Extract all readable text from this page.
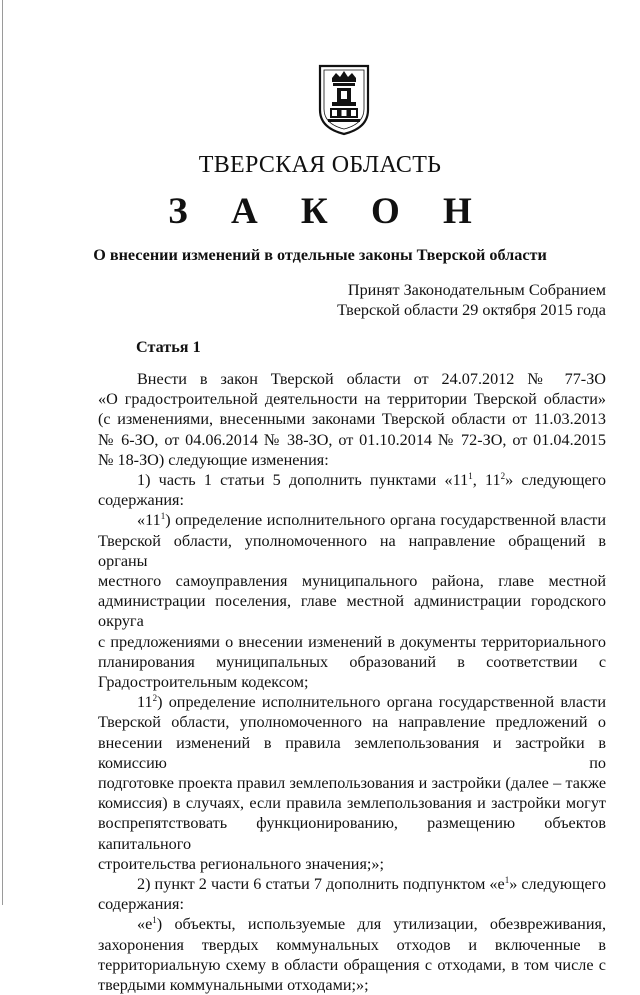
ТВЕРСКАЯ ОБЛАСТЬ
З А К О Н
О внесении изменений в отдельные законы Тверской области
Принят Законодательным Собранием
Тверской области 29 октября 2015 года
Статья 1

Внести в закон Тверской области от 24.07.2012 № 77-ЗО

«О градостроительной деятельности на территории Тверской области»

(с изменениями, внесенными законами Тверской области от 11.03.2013

№ 6-ЗО, от 04.06.2014 № 38-ЗО, от 01.10.2014 № 72-ЗО, от 01.04.2015

№ 18-ЗО) следующие изменения:

1) часть 1 статьи 5 дополнить пунктами «$11^1$, $11^2$» следующего

содержания:

«$11^1$) определение исполнительного органа государственной власти

Тверской области, уполномоченного на направление обращений в органы

местного самоуправления муниципального района, главе местной

администрации поселения, главе местной администрации городского округа

с предложениями о внесении изменений в документы территориального

планирования муниципальных образований в соответствии с

Градостроительным кодексом;

$11^2$) определение исполнительного органа государственной власти

Тверской области, уполномоченного на направление предложений о

внесении изменений в правила землепользования и застройки в комиссию по

подготовке проекта правил землепользования и застройки (далее – также

комиссия) в случаях, если правила землепользования и застройки могут

воспрепятствовать функционированию, размещению объектов капитального

строительства регионального значения;»;

2) пункт 2 части 6 статьи 7 дополнить подпунктом «$е^1$» следующего

содержания:

«$е^1$) объекты, используемые для утилизации, обезвреживания,

захоронения твердых коммунальных отходов и включенные в

территориальную схему в области обращения с отходами, в том числе с

твердыми коммунальными отходами;»;
